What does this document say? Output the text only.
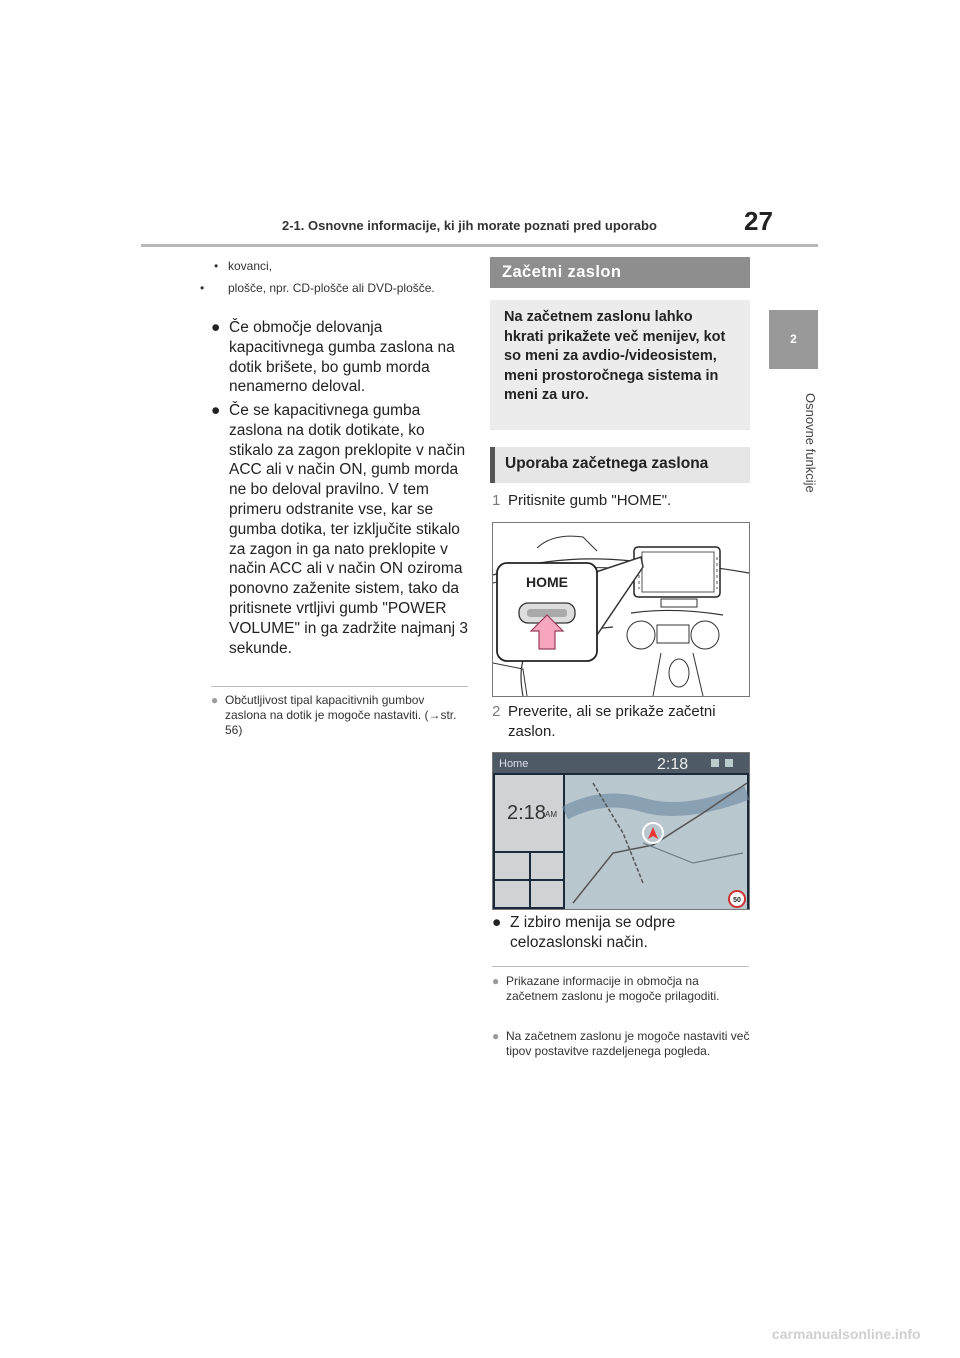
2-1. Osnovne informacije, ki jih morate poznati pred uporabo	27
2
Osnovne funkcije
• kovanci,
• plošče, npr. CD-plošče ali DVD-plošče.
● Če območje delovanja kapacitivnega gumba zaslona na dotik brišete, bo gumb morda nenamerno deloval.
● Če se kapacitivnega gumba zaslona na dotik dotikate, ko stikalo za zagon preklopite v način ACC ali v način ON, gumb morda ne bo deloval pravilno. V tem primeru odstranite vse, kar se gumba dotika, ter izključite stikalo za zagon in ga nato preklopite v način ACC ali v način ON oziroma ponovno zaženite sistem, tako da pritisnete vrtljivi gumb "POWER VOLUME" in ga zadržite najmanj 3 sekunde.
● Občutljivost tipal kapacitivnih gumbov zaslona na dotik je mogoče nastaviti. (→str. 56)
Začetni zaslon
Na začetnem zaslonu lahko hkrati prikažete več menijev, kot so meni za avdio-/videosistem, meni prostoročnega sistema in meni za uro.
Uporaba začetnega zaslona
1 Pritisnite gumb "HOME".
HOME
2 Preverite, ali se prikaže začetni zaslon.
Home	2:18
2:18 AM
50
● Z izbiro menija se odpre celozaslonski način.
● Prikazane informacije in območja na začetnem zaslonu je mogoče prilagoditi.
● Na začetnem zaslonu je mogoče nastaviti več tipov postavitve razdeljenega pogleda.
carmanualsonline.info
